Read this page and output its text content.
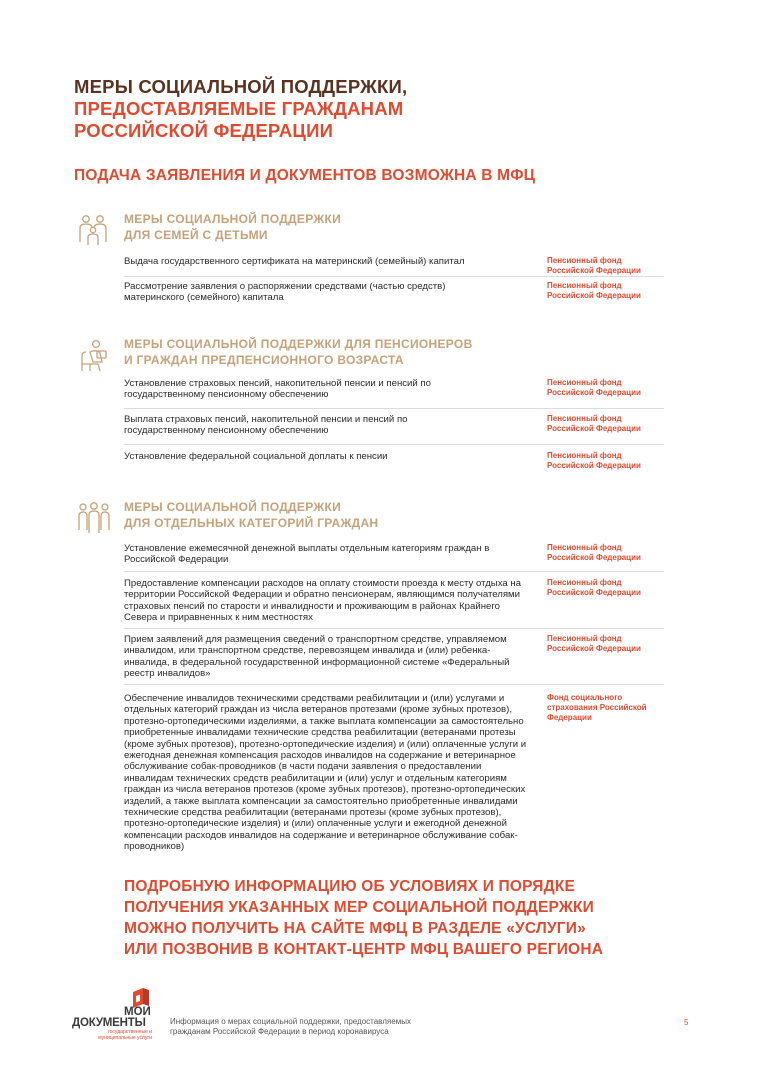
МЕРЫ СОЦИАЛЬНОЙ ПОДДЕРЖКИ,
ПРЕДОСТАВЛЯЕМЫЕ ГРАЖДАНАМ
РОССИЙСКОЙ ФЕДЕРАЦИИ
ПОДАЧА ЗАЯВЛЕНИЯ И ДОКУМЕНТОВ ВОЗМОЖНА В МФЦ
МЕРЫ СОЦИАЛЬНОЙ ПОДДЕРЖКИ
ДЛЯ СЕМЕЙ С ДЕТЬМИ
Выдача государственного сертификата на материнский (семейный) капитал	Пенсионный фонд Российской Федерации
Рассмотрение заявления о распоряжении средствами (частью средств) материнского (семейного) капитала
Пенсионный фонд Российской Федерации
МЕРЫ СОЦИАЛЬНОЙ ПОДДЕРЖКИ ДЛЯ ПЕНСИОНЕРОВ
И ГРАЖДАН ПРЕДПЕНСИОННОГО ВОЗРАСТА
Установление страховых пенсий, накопительной пенсии и пенсий по государственному пенсионному обеспечению
Пенсионный фонд Российской Федерации
Выплата страховых пенсий, накопительной пенсии и пенсий по государственному пенсионному обеспечению
Пенсионный фонд Российской Федерации
Установление федеральной социальной доплаты к пенсии	Пенсионный фонд Российской Федерации
МЕРЫ СОЦИАЛЬНОЙ ПОДДЕРЖКИ
ДЛЯ ОТДЕЛЬНЫХ КАТЕГОРИЙ ГРАЖДАН
Установление ежемесячной денежной выплаты отдельным категориям граждан в Российской Федерации
Пенсионный фонд Российской Федерации
Предоставление компенсации расходов на оплату стоимости проезда к месту отдыха на территории Российской Федерации и обратно пенсионерам, являющимся получателями страховых пенсий по старости и инвалидности и проживающим в районах Крайнего Севера и приравненных к ним местностях
Пенсионный фонд Российской Федерации
Прием заявлений для размещения сведений о транспортном средстве, управляемом инвалидом, или транспортном средстве, перевозящем инвалида и (или) ребенка-инвалида, в федеральной государственной информационной системе «Федеральный реестр инвалидов»
Пенсионный фонд Российской Федерации
Обеспечение инвалидов техническими средствами реабилитации и (или) услугами и отдельных категорий граждан из числа ветеранов протезами (кроме зубных протезов), протезно-ортопедическими изделиями, а также выплата компенсации за самостоятельно приобретенные инвалидами технические средства реабилитации (ветеранами протезы (кроме зубных протезов), протезно-ортопедические изделия) и (или) оплаченные услуги и ежегодная денежная компенсация расходов инвалидов на содержание и ветеринарное обслуживание собак-проводников (в части подачи заявления о предоставлении инвалидам технических средств реабилитации и (или) услуг и отдельным категориям граждан из числа ветеранов протезов (кроме зубных протезов), протезно-ортопедических изделий, а также выплата компенсации за самостоятельно приобретенные инвалидами технические средства реабилитации (ветеранами протезы (кроме зубных протезов), протезно-ортопедические изделия) и (или) оплаченные услуги и ежегодной денежной компенсации расходов инвалидов на содержание и ветеринарное обслуживание собак-проводников)
Фонд социального страхования Российской Федерации
ПОДРОБНУЮ ИНФОРМАЦИЮ ОБ УСЛОВИЯХ И ПОРЯДКЕ
ПОЛУЧЕНИЯ УКАЗАННЫХ МЕР СОЦИАЛЬНОЙ ПОДДЕРЖКИ
МОЖНО ПОЛУЧИТЬ НА САЙТЕ МФЦ В РАЗДЕЛЕ «УСЛУГИ»
ИЛИ ПОЗВОНИВ В КОНТАКТ-ЦЕНТР МФЦ ВАШЕГО РЕГИОНА
МОИ
ДОКУМЕНТЫ
государственные и муниципальные услуги
Информация о мерах социальной поддержки, предоставляемых
гражданам Российской Федерации в период коронавируса
5
